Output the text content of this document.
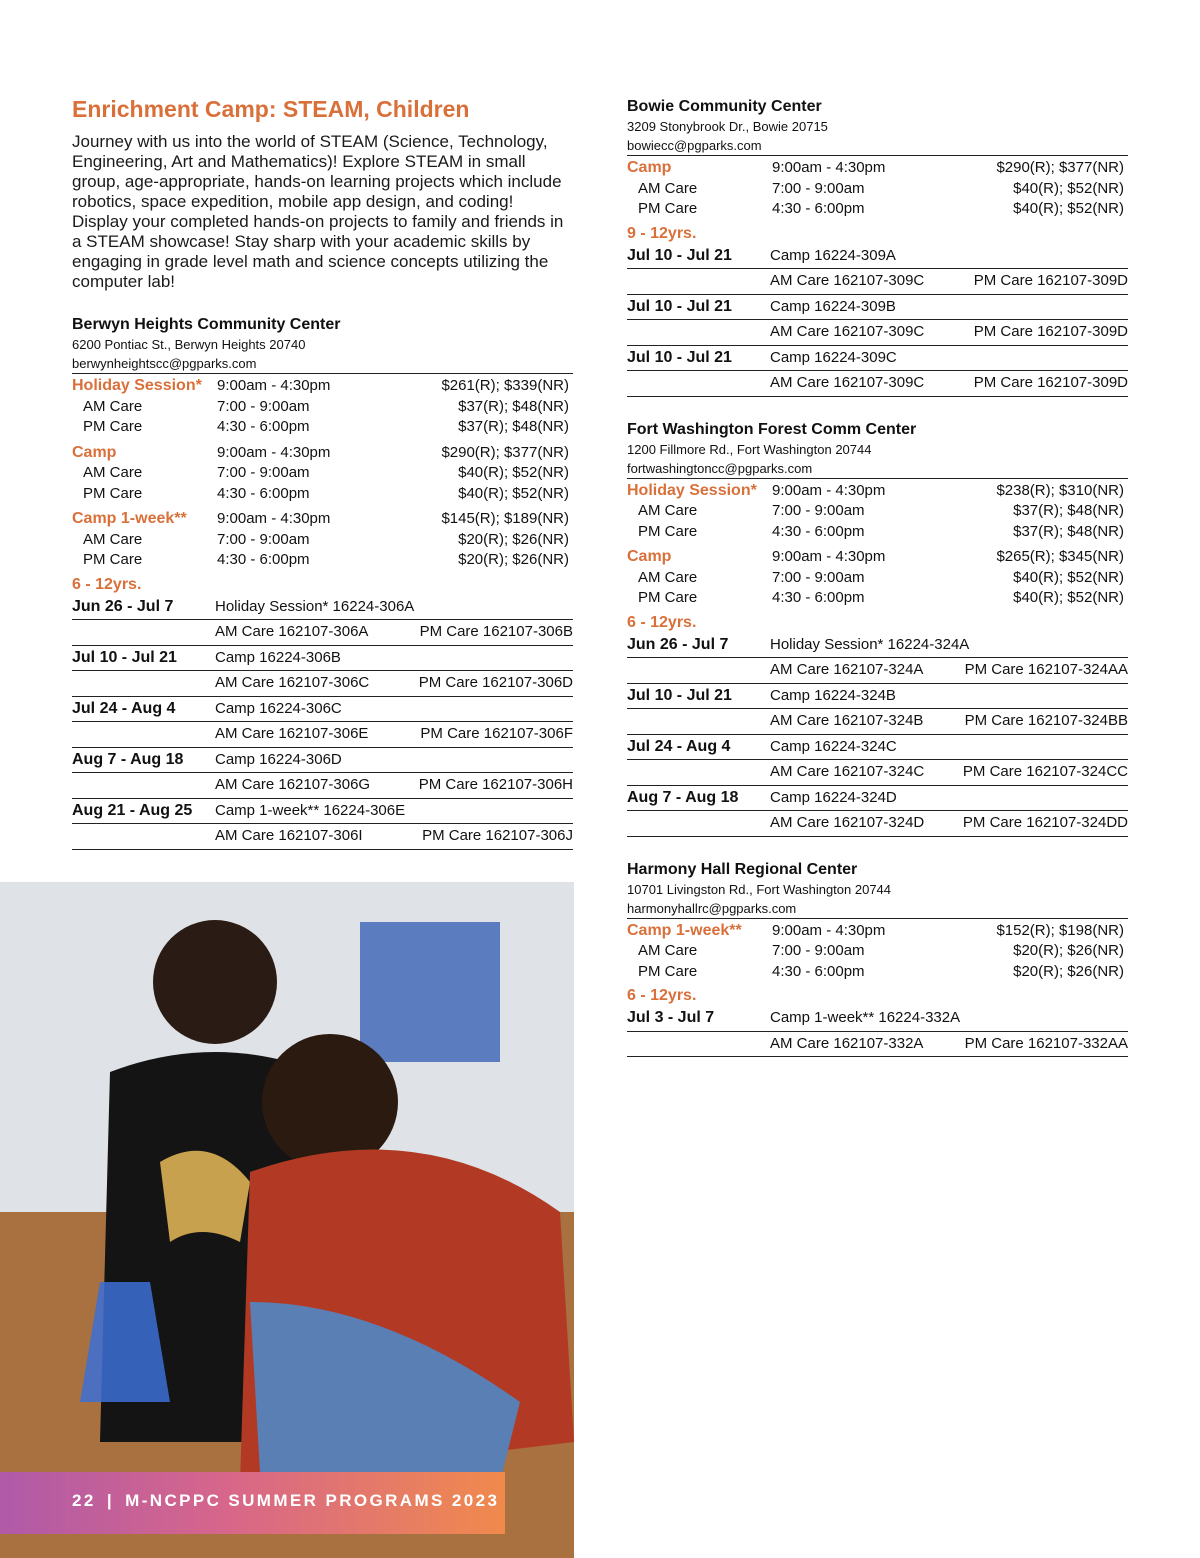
Enrichment Camp: STEAM, Children

Journey with us into the world of STEAM (Science, Technology, Engineering, Art and Mathematics)! Explore STEAM in small group, age-appropriate, hands-on learning projects which include robotics, space expedition, mobile app design, and coding! Display your completed hands-on projects to family and friends in a STEAM showcase! Stay sharp with your academic skills by engaging in grade level math and science concepts utilizing the computer lab!

Berwyn Heights Community Center
6200 Pontiac St., Berwyn Heights 20740
berwynheightscc@pgparks.com
Holiday Session*	9:00am - 4:30pm	$261(R); $339(NR)
AM Care	7:00 - 9:00am	$37(R); $48(NR)
PM Care	4:30 - 6:00pm	$37(R); $48(NR)
Camp	9:00am - 4:30pm	$290(R); $377(NR)
AM Care	7:00 - 9:00am	$40(R); $52(NR)
PM Care	4:30 - 6:00pm	$40(R); $52(NR)
Camp 1-week**	9:00am - 4:30pm	$145(R); $189(NR)
AM Care	7:00 - 9:00am	$20(R); $26(NR)
PM Care	4:30 - 6:00pm	$20(R); $26(NR)
6 - 12yrs.
Jun 26 - Jul 7	Holiday Session* 16224-306A
AM Care 162107-306A	PM Care 162107-306B
Jul 10 - Jul 21	Camp 16224-306B
AM Care 162107-306C	PM Care 162107-306D
Jul 24 - Aug 4	Camp 16224-306C
AM Care 162107-306E	PM Care 162107-306F
Aug 7 - Aug 18	Camp 16224-306D
AM Care 162107-306G	PM Care 162107-306H
Aug 21 - Aug 25	Camp 1-week** 16224-306E
AM Care 162107-306I	PM Care 162107-306J
Bowie Community Center
3209 Stonybrook Dr., Bowie 20715
bowiecc@pgparks.com
Camp	9:00am - 4:30pm	$290(R); $377(NR)
AM Care	7:00 - 9:00am	$40(R); $52(NR)
PM Care	4:30 - 6:00pm	$40(R); $52(NR)
9 - 12yrs.
Jul 10 - Jul 21	Camp 16224-309A
AM Care 162107-309C	PM Care 162107-309D
Jul 10 - Jul 21	Camp 16224-309B
AM Care 162107-309C	PM Care 162107-309D
Jul 10 - Jul 21	Camp 16224-309C
AM Care 162107-309C	PM Care 162107-309D
Fort Washington Forest Comm Center
1200 Fillmore Rd., Fort Washington 20744
fortwashingtoncc@pgparks.com
Holiday Session*	9:00am - 4:30pm	$238(R); $310(NR)
AM Care	7:00 - 9:00am	$37(R); $48(NR)
PM Care	4:30 - 6:00pm	$37(R); $48(NR)
Camp	9:00am - 4:30pm	$265(R); $345(NR)
AM Care	7:00 - 9:00am	$40(R); $52(NR)
PM Care	4:30 - 6:00pm	$40(R); $52(NR)
6 - 12yrs.
Jun 26 - Jul 7	Holiday Session* 16224-324A
AM Care 162107-324A	PM Care 162107-324AA
Jul 10 - Jul 21	Camp 16224-324B
AM Care 162107-324B	PM Care 162107-324BB
Jul 24 - Aug 4	Camp 16224-324C
AM Care 162107-324C	PM Care 162107-324CC
Aug 7 - Aug 18	Camp 16224-324D
AM Care 162107-324D	PM Care 162107-324DD
Harmony Hall Regional Center
10701 Livingston Rd., Fort Washington 20744
harmonyhallrc@pgparks.com
Camp 1-week**	9:00am - 4:30pm	$152(R); $198(NR)
AM Care	7:00 - 9:00am	$20(R); $26(NR)
PM Care	4:30 - 6:00pm	$20(R); $26(NR)
6 - 12yrs.
Jul 3 - Jul 7	Camp 1-week** 16224-332A
AM Care 162107-332A	PM Care 162107-332AA
22 | M-NCPPC SUMMER PROGRAMS 2023
